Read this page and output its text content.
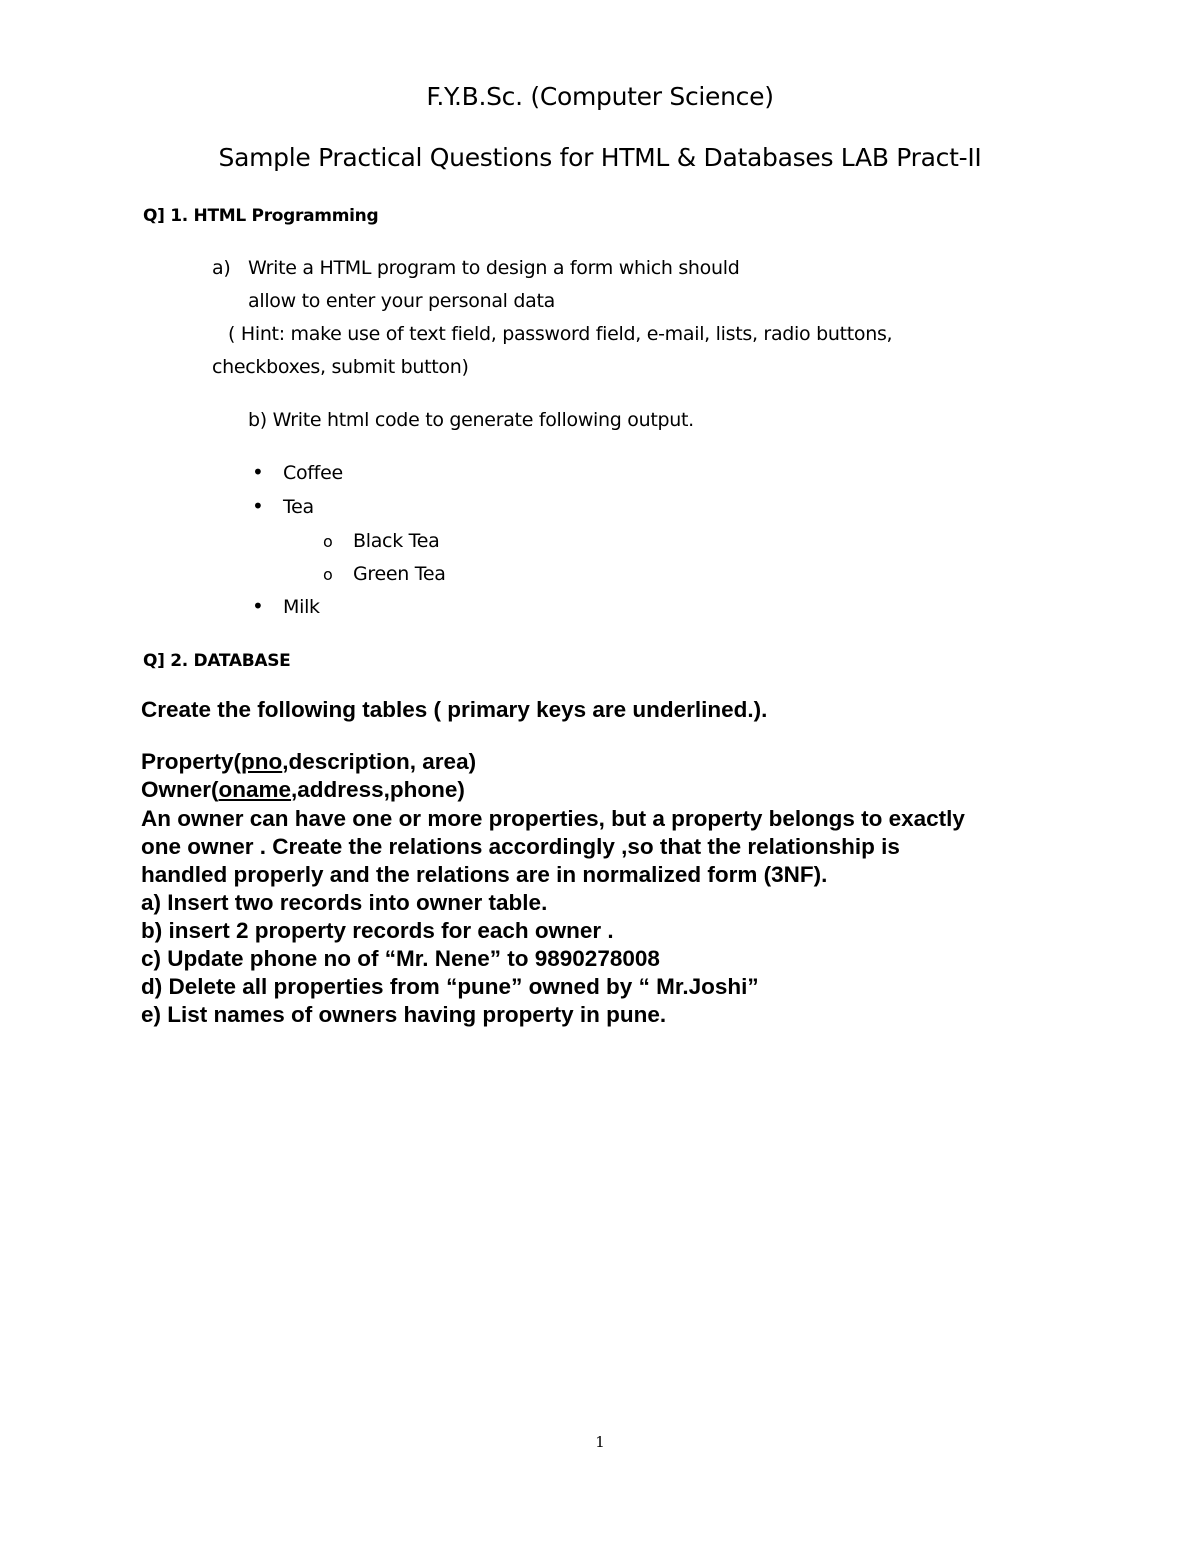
F.Y.B.Sc. (Computer Science)
Sample Practical Questions for HTML & Databases LAB Pract-II
Q] 1. HTML Programming
a) Write a HTML program to design a form which should
allow to enter your personal data
( Hint: make use of text field, password field, e-mail, lists, radio buttons,
checkboxes, submit button)
b) Write html code to generate following output.
• Coffee
• Tea
o Black Tea
o Green Tea
• Milk
Q] 2. DATABASE
Create the following tables ( primary keys are underlined.).
Property(pno,description, area)
Owner(oname,address,phone)
An owner can have one or more properties, but a property belongs to exactly
one owner . Create the relations accordingly ,so that the relationship is
handled properly and the relations are in normalized form (3NF).
a) Insert two records into owner table.
b) insert 2 property records for each owner .
c) Update phone no of “Mr. Nene” to 9890278008
d) Delete all properties from “pune” owned by “ Mr.Joshi”
e) List names of owners having property in pune.
1
